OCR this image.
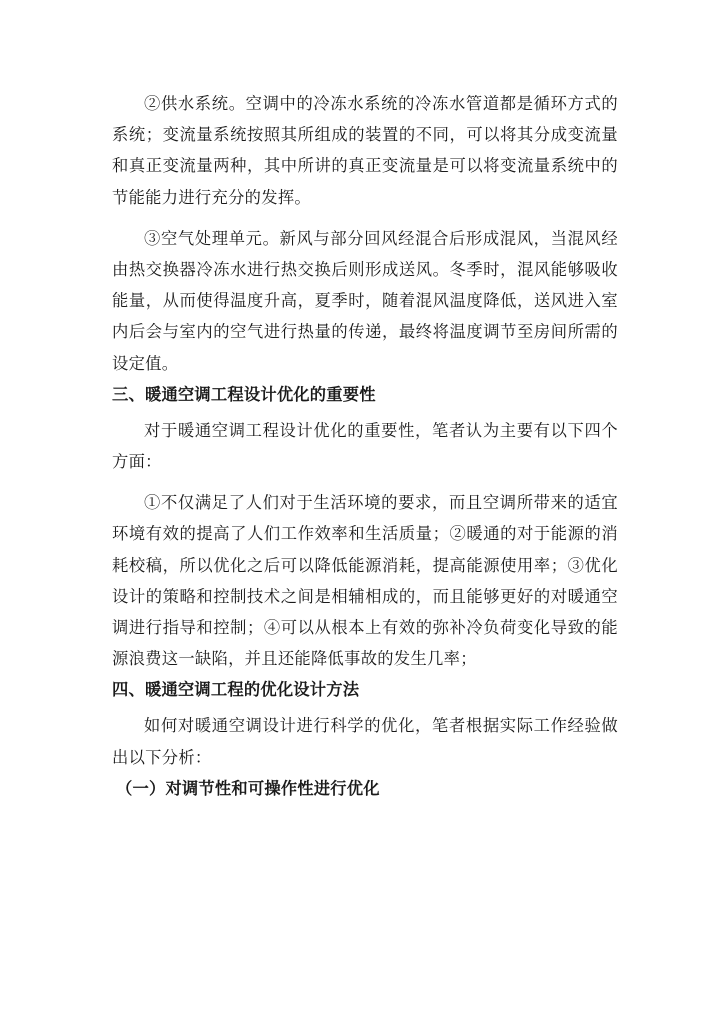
②供水系统。空调中的冷冻水系统的冷冻水管道都是循环方式的系统；变流量系统按照其所组成的装置的不同，可以将其分成变流量和真正变流量两种，其中所讲的真正变流量是可以将变流量系统中的节能能力进行充分的发挥。

③空气处理单元。新风与部分回风经混合后形成混风，当混风经由热交换器冷冻水进行热交换后则形成送风。冬季时，混风能够吸收能量，从而使得温度升高，夏季时，随着混风温度降低，送风进入室内后会与室内的空气进行热量的传递，最终将温度调节至房间所需的设定值。

三、暖通空调工程设计优化的重要性

对于暖通空调工程设计优化的重要性，笔者认为主要有以下四个方面：

①不仅满足了人们对于生活环境的要求，而且空调所带来的适宜环境有效的提高了人们工作效率和生活质量；②暖通的对于能源的消耗校稿，所以优化之后可以降低能源消耗，提高能源使用率；③优化设计的策略和控制技术之间是相辅相成的，而且能够更好的对暖通空调进行指导和控制；④可以从根本上有效的弥补冷负荷变化导致的能源浪费这一缺陷，并且还能降低事故的发生几率；

四、暖通空调工程的优化设计方法

如何对暖通空调设计进行科学的优化，笔者根据实际工作经验做出以下分析：

（一）对调节性和可操作性进行优化
